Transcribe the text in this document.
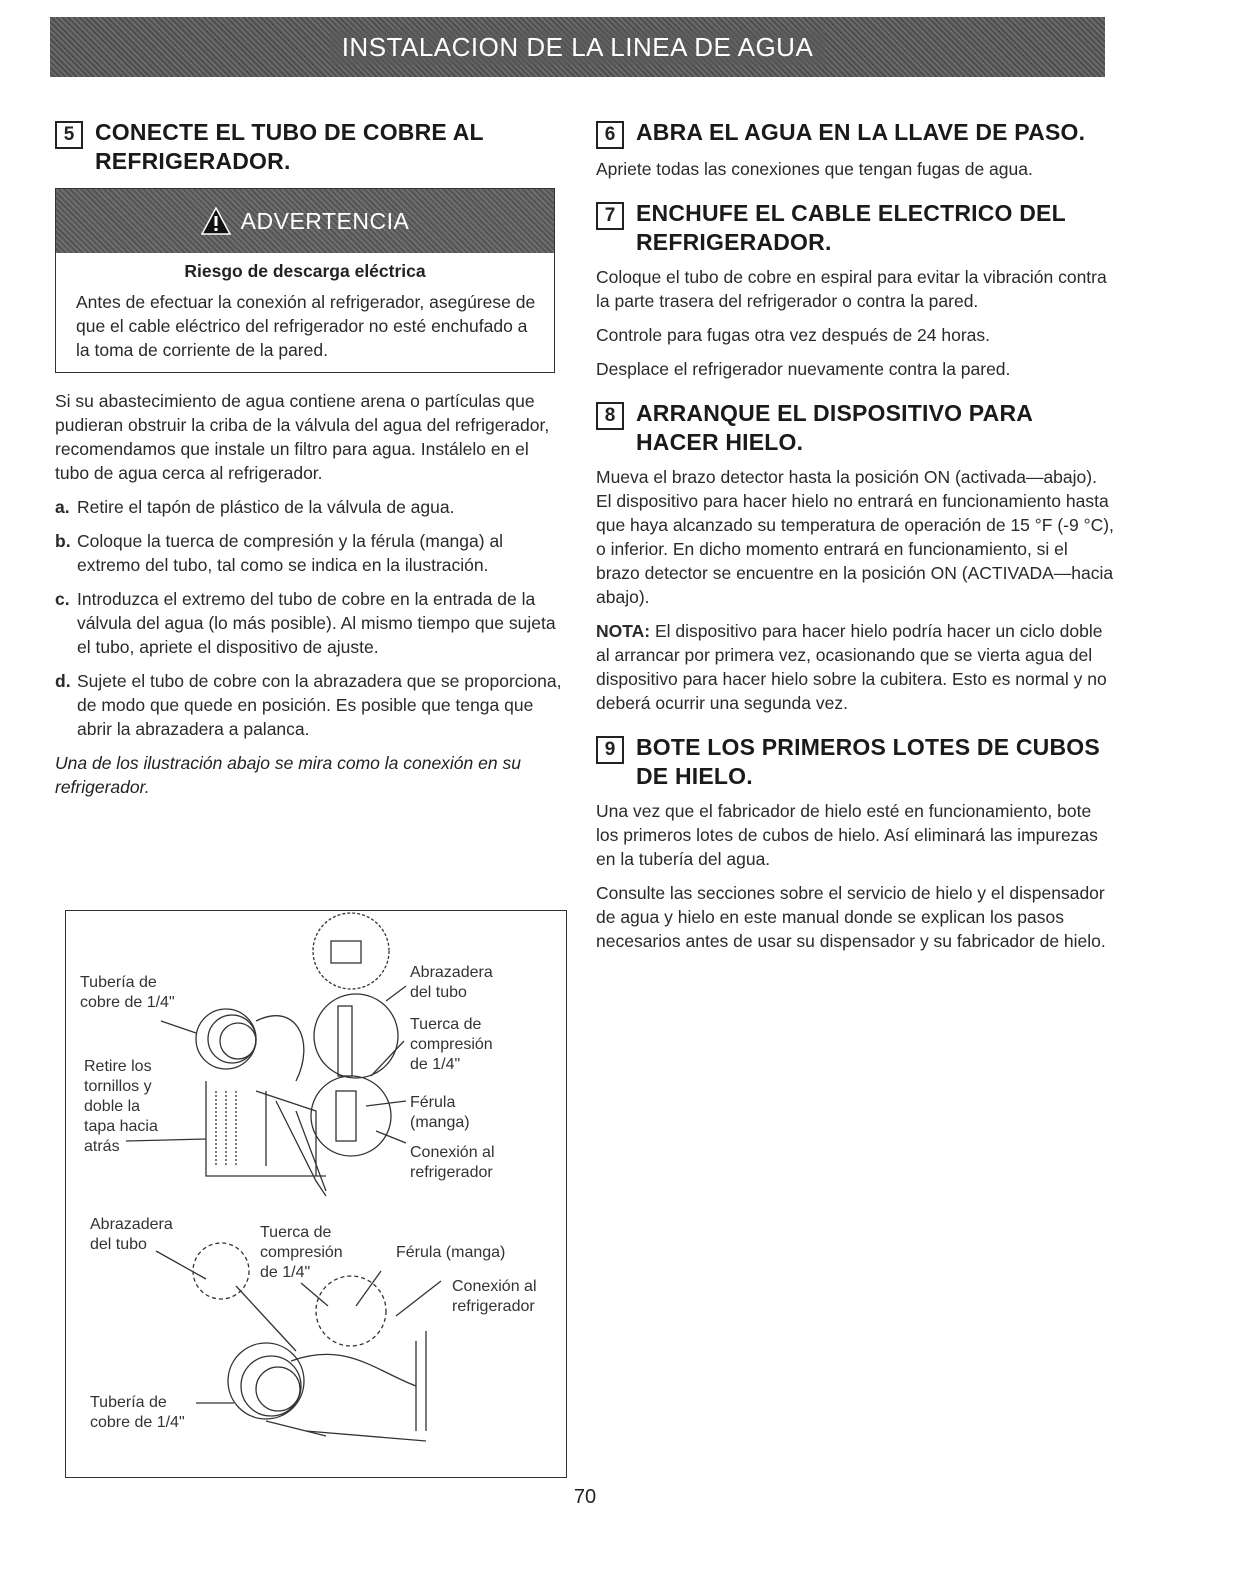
INSTALACION DE LA LINEA DE AGUA
5 CONECTE EL TUBO DE COBRE AL REFRIGERADOR.
ADVERTENCIA
Riesgo de descarga eléctrica
Antes de efectuar la conexión al refrigerador, asegúrese de que el cable eléctrico del refrigerador no esté enchufado a la toma de corriente de la pared.

Si su abastecimiento de agua contiene arena o partículas que pudieran obstruir la criba de la válvula del agua del refrigerador, recomendamos que instale un filtro para agua. Instálelo en el tubo de agua cerca al refrigerador.

a. Retire el tapón de plástico de la válvula de agua.
b. Coloque la tuerca de compresión y la férula (manga) al extremo del tubo, tal como se indica en la ilustración.
c. Introduzca el extremo del tubo de cobre en la entrada de la válvula del agua (lo más posible). Al mismo tiempo que sujeta el tubo, apriete el dispositivo de ajuste.
d. Sujete el tubo de cobre con la abrazadera que se proporciona, de modo que quede en posición. Es posible que tenga que abrir la abrazadera a palanca.
Una de los ilustración abajo se mira como la conexión en su refrigerador.
Tubería de
cobre de 1/4"
Retire los
tornillos y
doble la
tapa hacia
atrás
Abrazadera
del tubo
Tuerca de
compresión
de 1/4"
Férula
(manga)
Conexión al
refrigerador
Abrazadera
del tubo
Tuerca de
compresión
de 1/4"
Férula (manga)
Conexión al
refrigerador
Tubería de
cobre de 1/4"
6 ABRA EL AGUA EN LA LLAVE DE PASO.

Apriete todas las conexiones que tengan fugas de agua.

7 ENCHUFE EL CABLE ELECTRICO DEL REFRIGERADOR.

Coloque el tubo de cobre en espiral para evitar la vibración contra la parte trasera del refrigerador o contra la pared.

Controle para fugas otra vez después de 24 horas.

Desplace el refrigerador nuevamente contra la pared.

8 ARRANQUE EL DISPOSITIVO PARA HACER HIELO.

Mueva el brazo detector hasta la posición ON (activada—abajo). El dispositivo para hacer hielo no entrará en funcionamiento hasta que haya alcanzado su temperatura de operación de 15 °F (-9 °C), o inferior. En dicho momento entrará en funcionamiento, si el brazo detector se encuentre en la posición ON (ACTIVADA—hacia abajo).

NOTA: El dispositivo para hacer hielo podría hacer un ciclo doble al arrancar por primera vez, ocasionando que se vierta agua del dispositivo para hacer hielo sobre la cubitera. Esto es normal y no deberá ocurrir una segunda vez.

9 BOTE LOS PRIMEROS LOTES DE CUBOS DE HIELO.

Una vez que el fabricador de hielo esté en funcionamiento, bote los primeros lotes de cubos de hielo. Así eliminará las impurezas en la tubería del agua.

Consulte las secciones sobre el servicio de hielo y el dispensador de agua y hielo en este manual donde se explican los pasos necesarios antes de usar su dispensador y su fabricador de hielo.

70
